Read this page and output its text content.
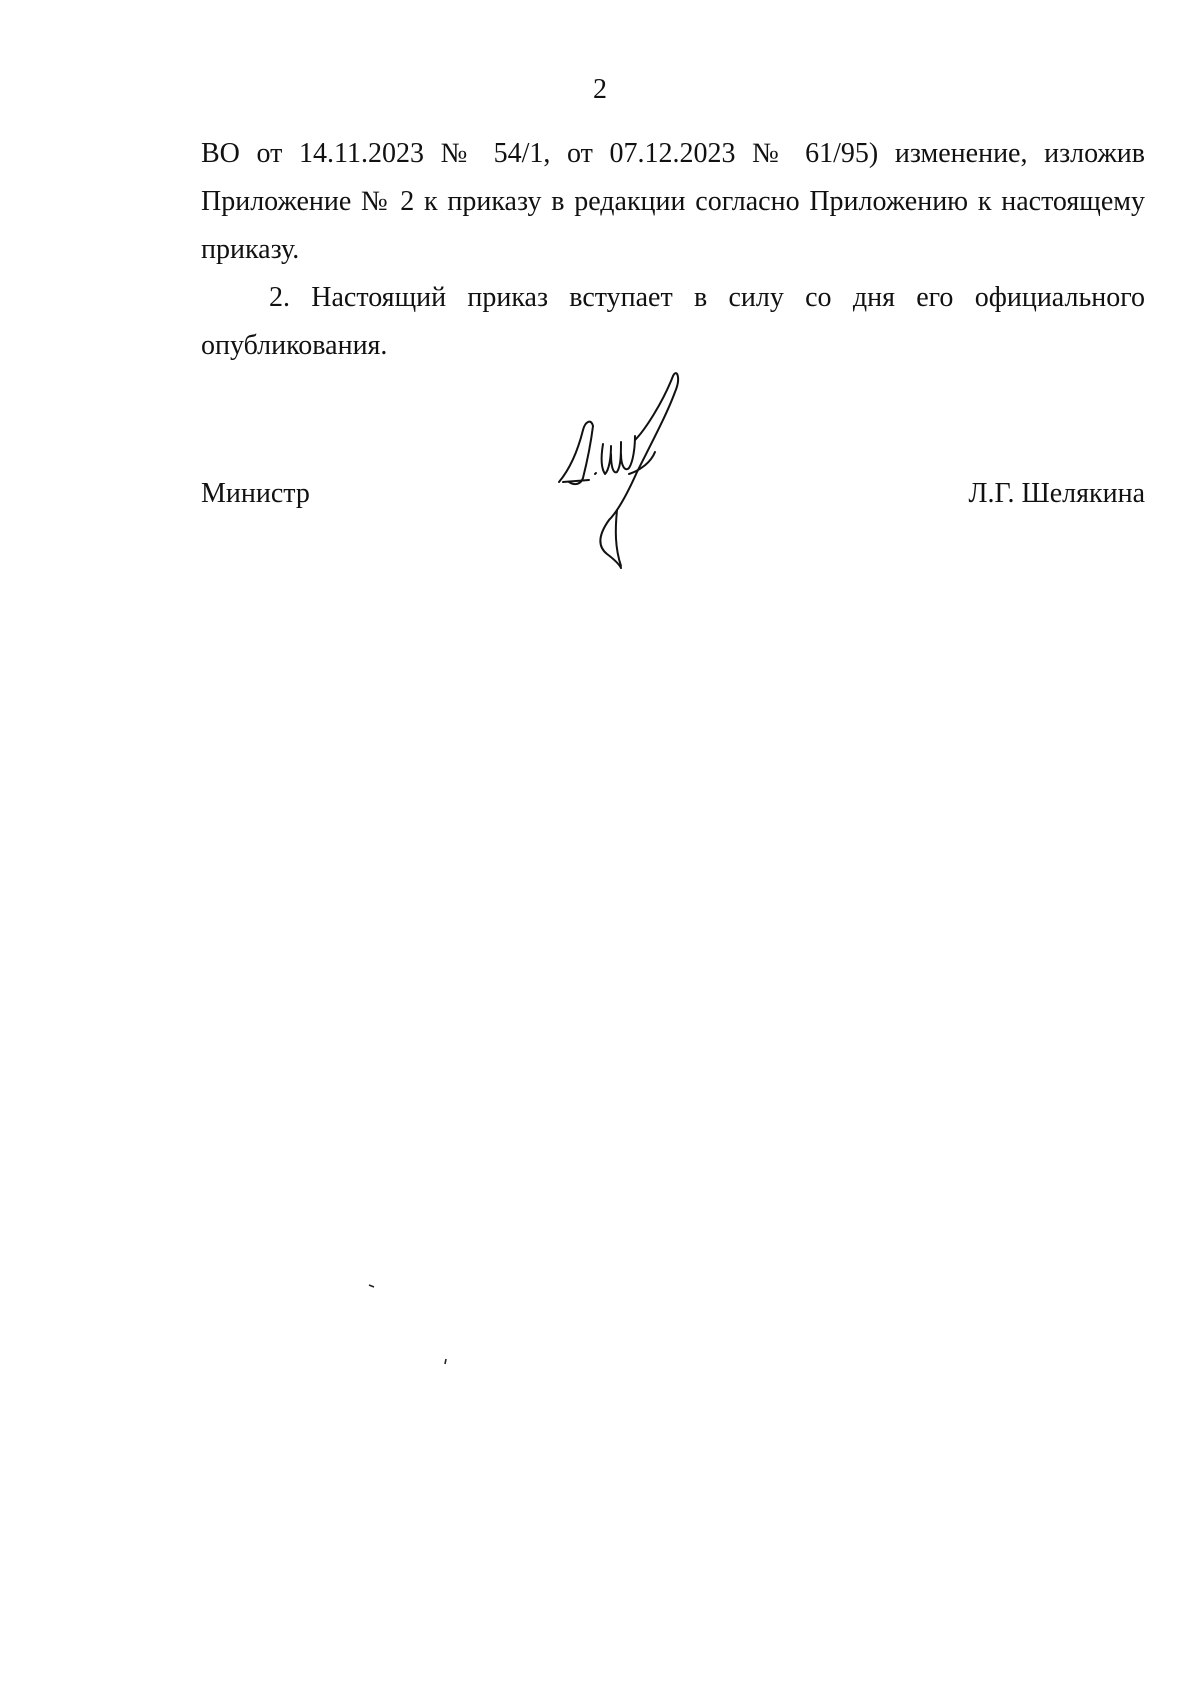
2

ВО от 14.11.2023 № 54/1, от 07.12.2023 № 61/95) изменение, изложив Приложение № 2 к приказу в редакции согласно Приложению к настоящему приказу.

2. Настоящий приказ вступает в силу со дня его официального опубликования.

Министр	Л.Г. Шелякина
